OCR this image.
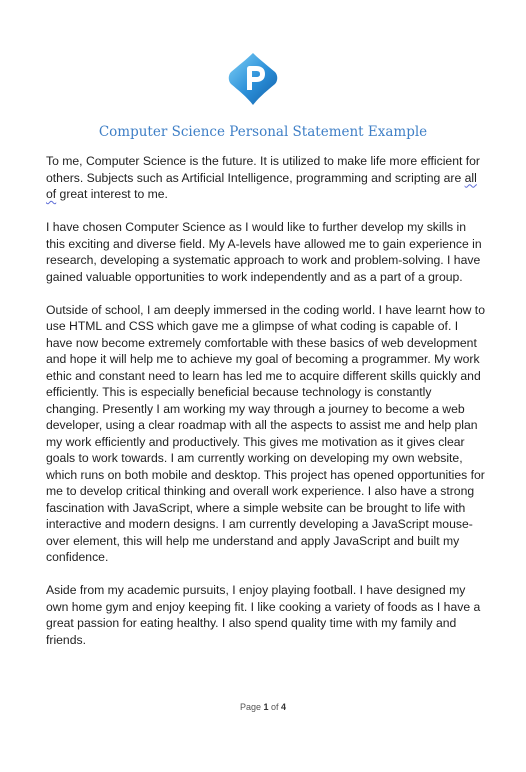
Computer Science Personal Statement Example

To me, Computer Science is the future. It is utilized to make life more efficient for others. Subjects such as Artificial Intelligence, programming and scripting are all of great interest to me.

I have chosen Computer Science as I would like to further develop my skills in this exciting and diverse field. My A-levels have allowed me to gain experience in research, developing a systematic approach to work and problem-solving. I have gained valuable opportunities to work independently and as a part of a group.

Outside of school, I am deeply immersed in the coding world. I have learnt how to use HTML and CSS which gave me a glimpse of what coding is capable of. I have now become extremely comfortable with these basics of web development and hope it will help me to achieve my goal of becoming a programmer. My work ethic and constant need to learn has led me to acquire different skills quickly and efficiently. This is especially beneficial because technology is constantly changing. Presently I am working my way through a journey to become a web developer, using a clear roadmap with all the aspects to assist me and help plan my work efficiently and productively. This gives me motivation as it gives clear goals to work towards. I am currently working on developing my own website, which runs on both mobile and desktop. This project has opened opportunities for me to develop critical thinking and overall work experience. I also have a strong fascination with JavaScript, where a simple website can be brought to life with interactive and modern designs. I am currently developing a JavaScript mouse-over element, this will help me understand and apply JavaScript and built my confidence.

Aside from my academic pursuits, I enjoy playing football. I have designed my own home gym and enjoy keeping fit. I like cooking a variety of foods as I have a great passion for eating healthy. I also spend quality time with my family and friends.

Page 1 of 4
